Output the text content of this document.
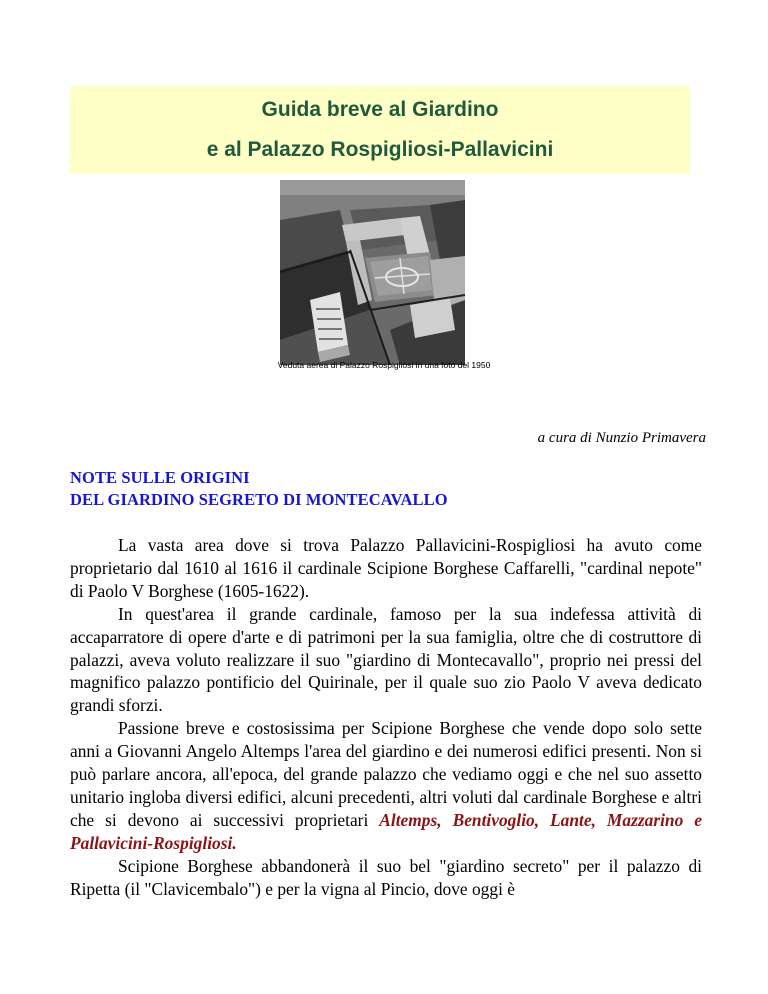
Guida breve al Giardino
e al Palazzo Rospigliosi-Pallavicini
Veduta aerea di Palazzo Rospigliosi in una foto del 1950
a cura di Nunzio Primavera
NOTE SULLE ORIGINI
DEL GIARDINO SEGRETO DI MONTECAVALLO

La vasta area dove si trova Palazzo Pallavicini-Rospigliosi ha avuto come proprietario dal 1610 al 1616 il cardinale Scipione Borghese Caffarelli, "cardinal nepote" di Paolo V Borghese (1605-1622).

In quest'area il grande cardinale, famoso per la sua indefessa attività di accaparratore di opere d'arte e di patrimoni per la sua famiglia, oltre che di costruttore di palazzi, aveva voluto realizzare il suo "giardino di Montecavallo", proprio nei pressi del magnifico palazzo pontificio del Quirinale, per il quale suo zio Paolo V aveva dedicato grandi sforzi.

Passione breve e costosissima per Scipione Borghese che vende dopo solo sette anni a Giovanni Angelo Altemps l'area del giardino e dei numerosi edifici presenti. Non si può parlare ancora, all'epoca, del grande palazzo che vediamo oggi e che nel suo assetto unitario ingloba diversi edifici, alcuni precedenti, altri voluti dal cardinale Borghese e altri che si devono ai successivi proprietari Altemps, Bentivoglio, Lante, Mazzarino e Pallavicini-Rospigliosi.

Scipione Borghese abbandonerà il suo bel "giardino secreto" per il palazzo di Ripetta (il "Clavicembalo") e per la vigna al Pincio, dove oggi è
